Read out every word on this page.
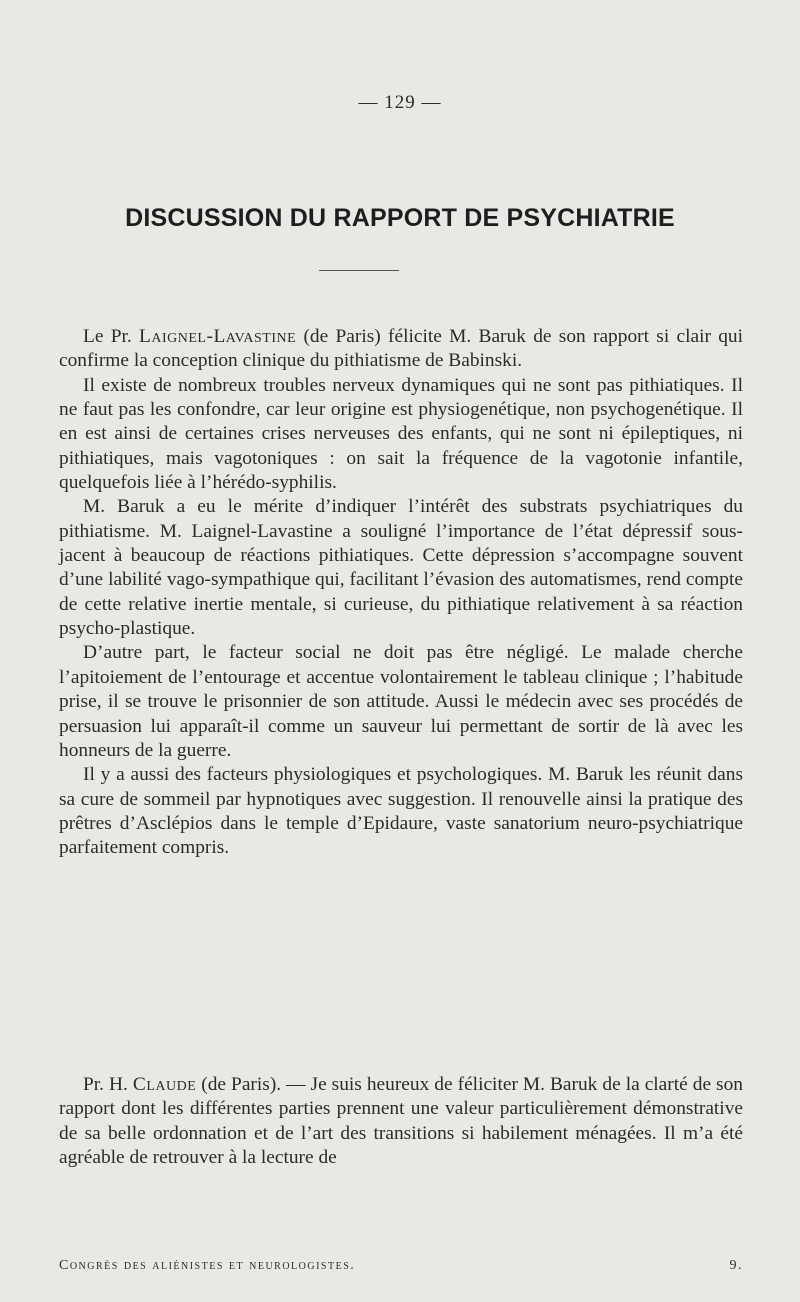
— 129 —
DISCUSSION DU RAPPORT DE PSYCHIATRIE

Le Pr. Laignel-Lavastine (de Paris) félicite M. Baruk de son rapport si clair qui confirme la conception clinique du pithiatisme de Babinski.

Il existe de nombreux troubles nerveux dynamiques qui ne sont pas pithiatiques. Il ne faut pas les confondre, car leur origine est physiogenétique, non psychogenétique. Il en est ainsi de certaines crises nerveuses des enfants, qui ne sont ni épileptiques, ni pithiatiques, mais vagotoniques : on sait la fréquence de la vagotonie infantile, quelquefois liée à l’hérédo-syphilis.

M. Baruk a eu le mérite d’indiquer l’intérêt des substrats psychiatriques du pithiatisme. M. Laignel-Lavastine a souligné l’importance de l’état dépressif sous-jacent à beaucoup de réactions pithiatiques. Cette dépression s’accompagne souvent d’une labilité vago-sympathique qui, facilitant l’évasion des automatismes, rend compte de cette relative inertie mentale, si curieuse, du pithiatique relativement à sa réaction psycho-plastique.

D’autre part, le facteur social ne doit pas être négligé. Le malade cherche l’apitoiement de l’entourage et accentue volontairement le tableau clinique ; l’habitude prise, il se trouve le prisonnier de son attitude. Aussi le médecin avec ses procédés de persuasion lui apparaît-il comme un sauveur lui permettant de sortir de là avec les honneurs de la guerre.

Il y a aussi des facteurs physiologiques et psychologiques. M. Baruk les réunit dans sa cure de sommeil par hypnotiques avec suggestion. Il renouvelle ainsi la pratique des prêtres d’Asclépios dans le temple d’Epidaure, vaste sanatorium neuro-psychiatrique parfaitement compris.

Pr. H. Claude (de Paris). — Je suis heureux de féliciter M. Baruk de la clarté de son rapport dont les différentes parties prennent une valeur particulièrement démonstrative de sa belle ordonnation et de l’art des transitions si habilement ménagées. Il m’a été agréable de retrouver à la lecture de

Congrès des aliénistes et neurologistes.	9.
